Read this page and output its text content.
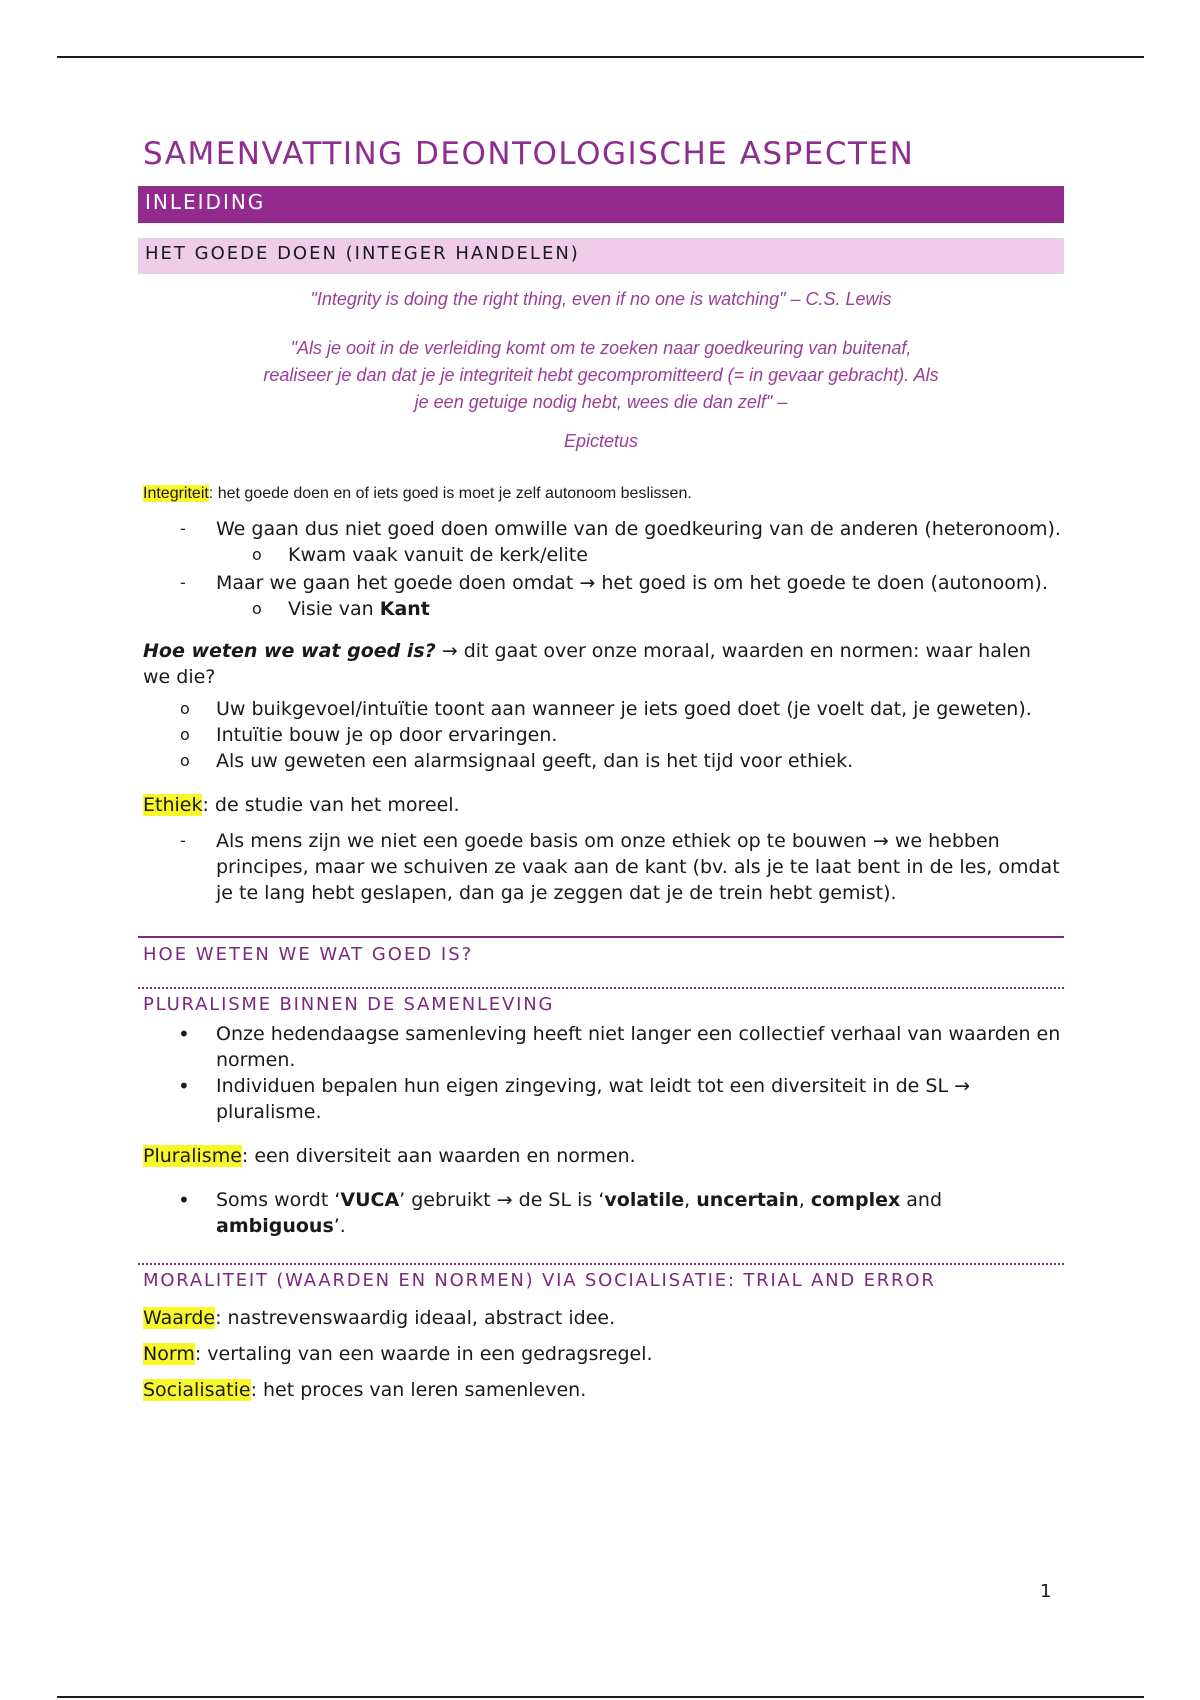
SAMENVATTING DEONTOLOGISCHE ASPECTEN
INLEIDING
HET GOEDE DOEN (INTEGER HANDELEN)
"Integrity is doing the right thing, even if no one is watching" – C.S. Lewis
"Als je ooit in de verleiding komt om te zoeken naar goedkeuring van buitenaf, realiseer je dan dat je je integriteit hebt gecompromitteerd (= in gevaar gebracht). Als je een getuige nodig hebt, wees die dan zelf" –
Epictetus
Integriteit: het goede doen en of iets goed is moet je zelf autonoom beslissen.
- We gaan dus niet goed doen omwille van de goedkeuring van de anderen (heteronoom).
o Kwam vaak vanuit de kerk/elite
- Maar we gaan het goede doen omdat → het goed is om het goede te doen (autonoom).
o Visie van Kant
Hoe weten we wat goed is? → dit gaat over onze moraal, waarden en normen: waar halen we die?
o Uw buikgevoel/intuïtie toont aan wanneer je iets goed doet (je voelt dat, je geweten).
o Intuïtie bouw je op door ervaringen.
o Als uw geweten een alarmsignaal geeft, dan is het tijd voor ethiek.
Ethiek: de studie van het moreel.
- Als mens zijn we niet een goede basis om onze ethiek op te bouwen → we hebben principes, maar we schuiven ze vaak aan de kant (bv. als je te laat bent in de les, omdat je te lang hebt geslapen, dan ga je zeggen dat je de trein hebt gemist).
HOE WETEN WE WAT GOED IS?
PLURALISME BINNEN DE SAMENLEVING
• Onze hedendaagse samenleving heeft niet langer een collectief verhaal van waarden en normen.
• Individuen bepalen hun eigen zingeving, wat leidt tot een diversiteit in de SL → pluralisme.
Pluralisme: een diversiteit aan waarden en normen.
• Soms wordt ‘VUCA’ gebruikt → de SL is ‘volatile, uncertain, complex and ambiguous’.
MORALITEIT (WAARDEN EN NORMEN) VIA SOCIALISATIE: TRIAL AND ERROR
Waarde: nastrevenswaardig ideaal, abstract idee.
Norm: vertaling van een waarde in een gedragsregel.
Socialisatie: het proces van leren samenleven.
1
